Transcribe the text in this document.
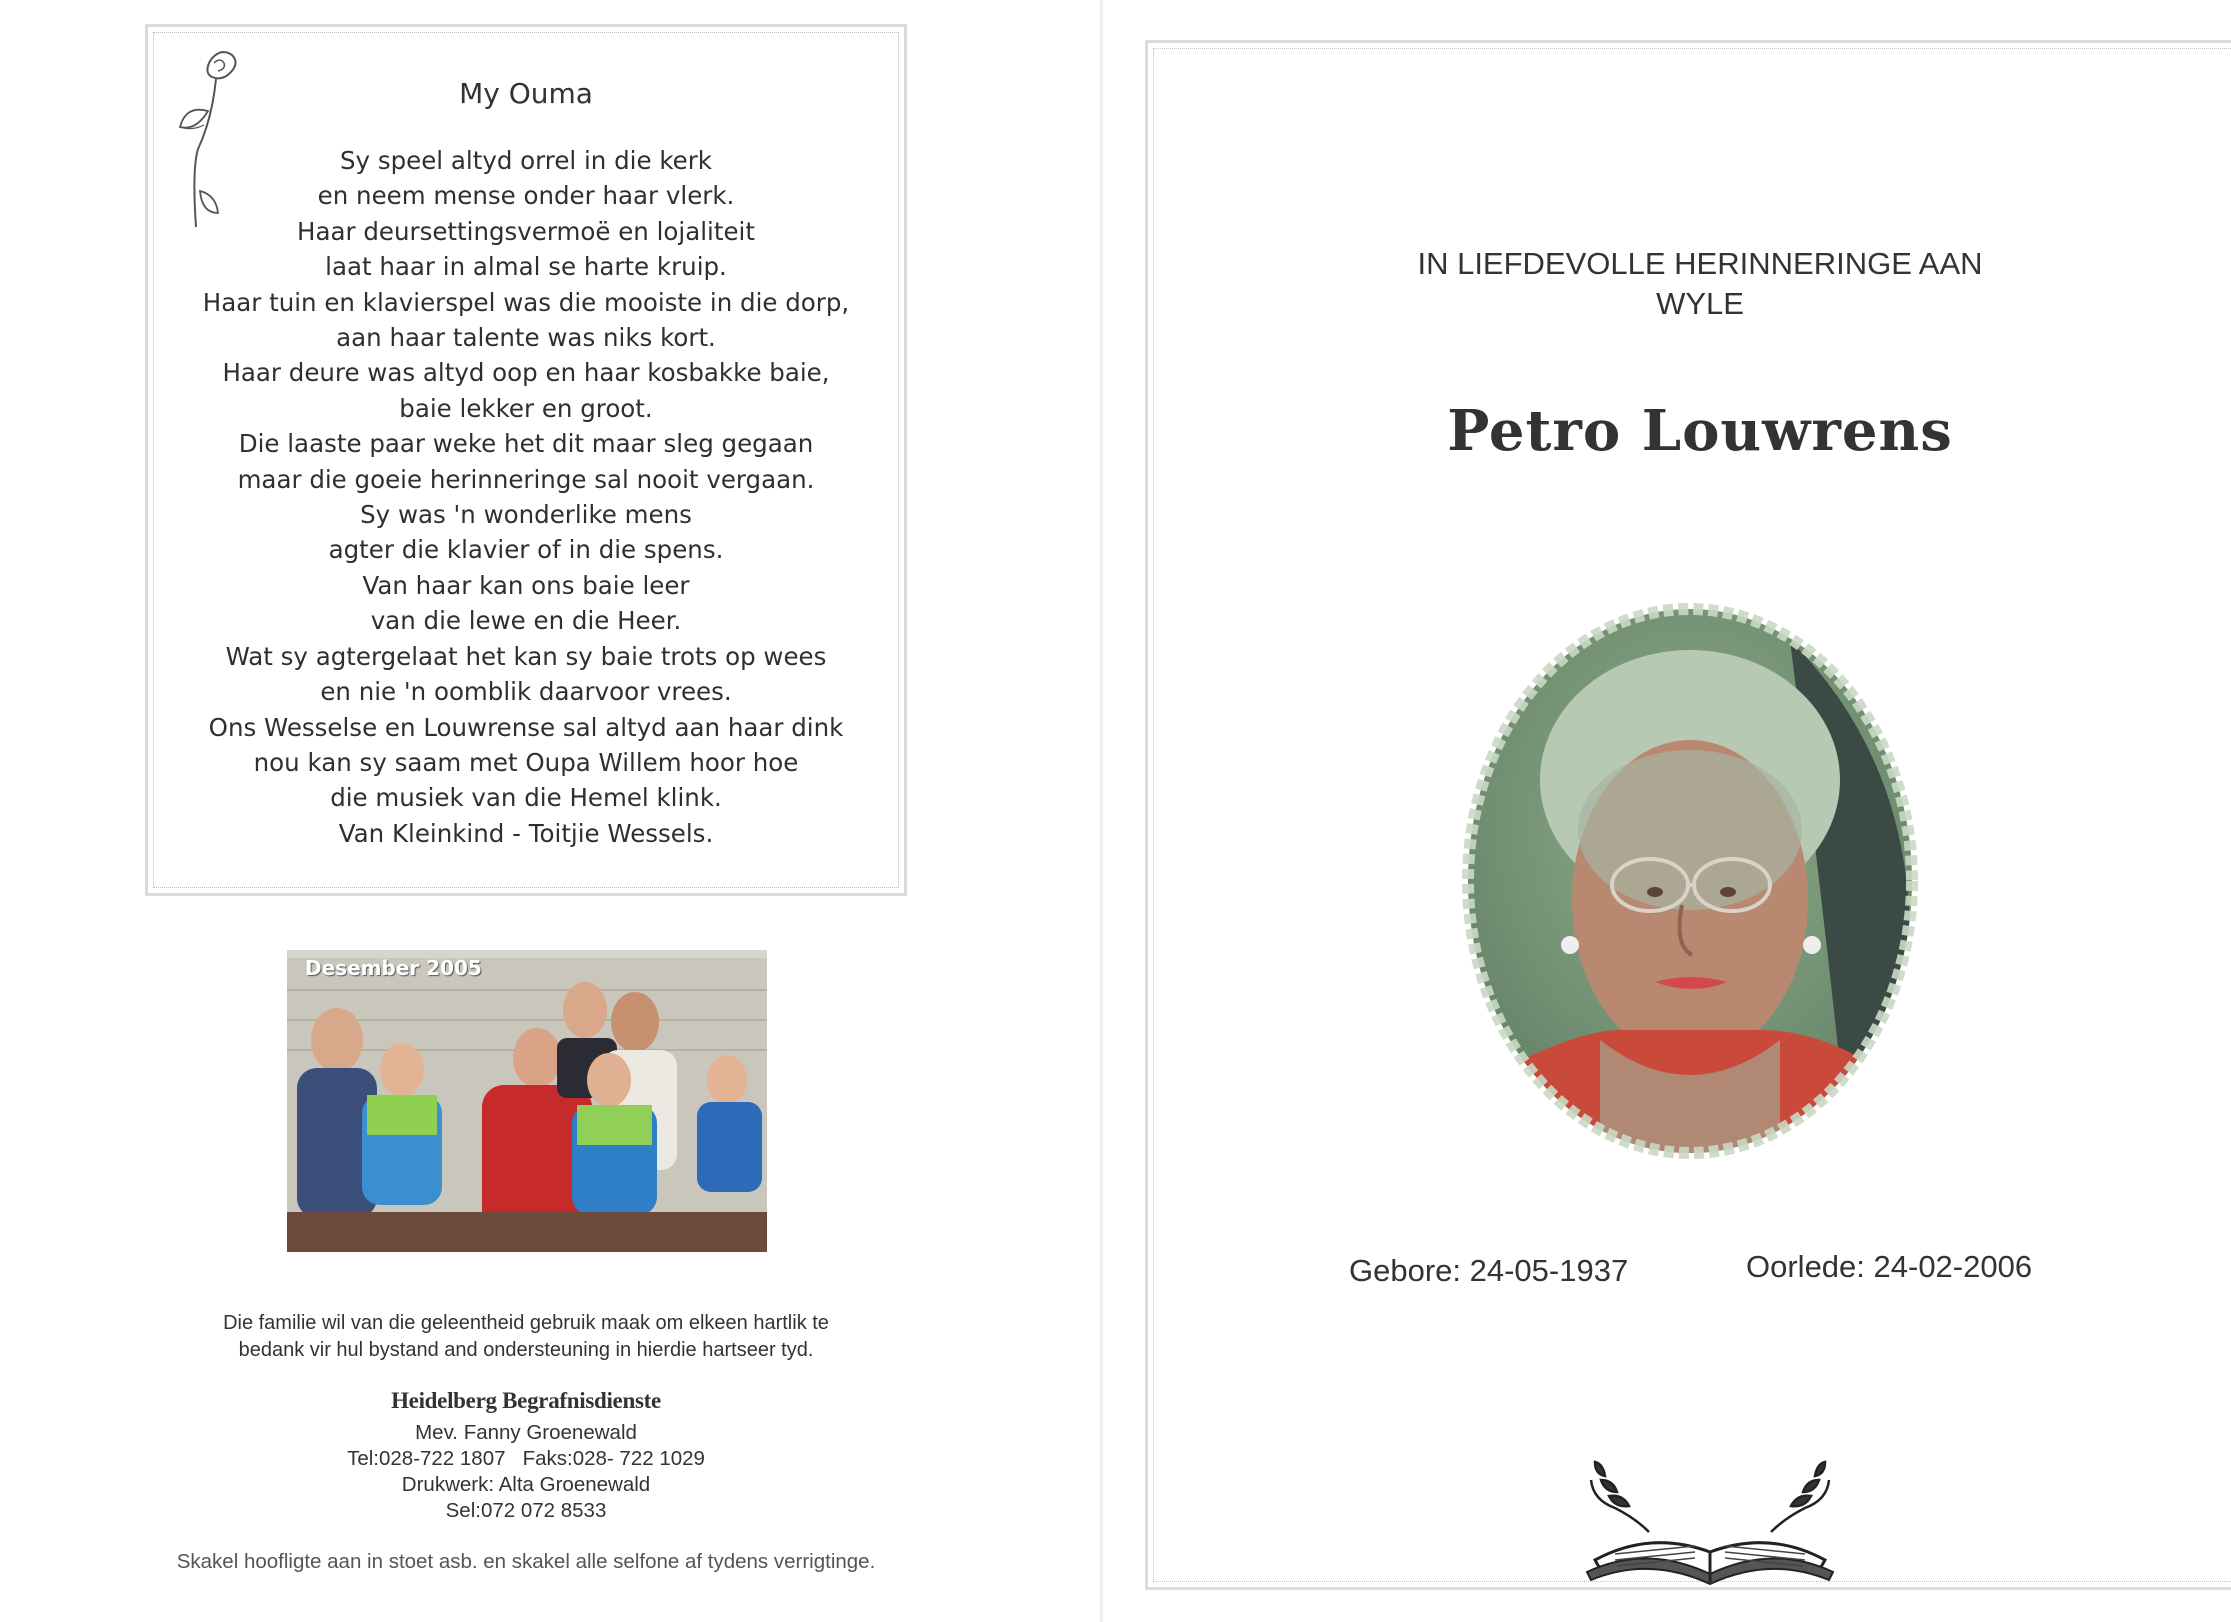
My Ouma
Sy speel altyd orrel in die kerk
en neem mense onder haar vlerk.
Haar deursettingsvermoë en lojaliteit
laat haar in almal se harte kruip.
Haar tuin en klavierspel was die mooiste in die dorp,
aan haar talente was niks kort.
Haar deure was altyd oop en haar kosbakke baie,
baie lekker en groot.
Die laaste paar weke het dit maar sleg gegaan
maar die goeie herinneringe sal nooit vergaan.
Sy was 'n wonderlike mens
agter die klavier of in die spens.
Van haar kan ons baie leer
van die lewe en die Heer.
Wat sy agtergelaat het kan sy baie trots op wees
en nie 'n oomblik daarvoor vrees.
Ons Wesselse en Louwrense sal altyd aan haar dink
nou kan sy saam met Oupa Willem hoor hoe
die musiek van die Hemel klink.
Van Kleinkind - Toitjie Wessels.
Desember 2005
Die familie wil van die geleentheid gebruik maak om elkeen hartlik te
bedank vir hul bystand and ondersteuning in hierdie hartseer tyd.
Heidelberg Begrafnisdienste
Mev. Fanny Groenewald
Tel:028-722 1807   Faks:028- 722 1029
Drukwerk: Alta Groenewald
Sel:072 072 8533
Skakel hoofligte aan in stoet asb. en skakel alle selfone af tydens verrigtinge.
IN LIEFDEVOLLE HERINNERINGE AAN
WYLE
Petro Louwrens
Gebore: 24-05-1937	Oorlede: 24-02-2006
